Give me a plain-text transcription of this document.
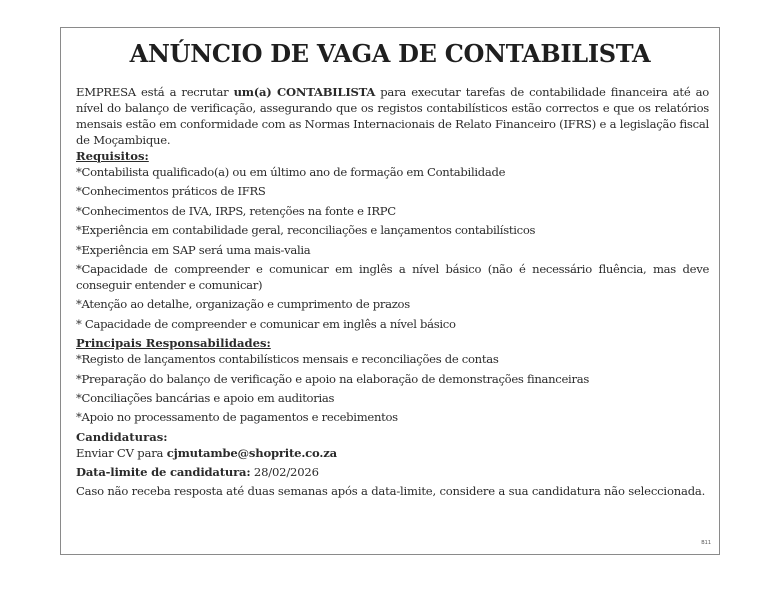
ANÚNCIO DE VAGA DE CONTABILISTA

EMPRESA está a recrutar um(a) CONTABILISTA para executar tarefas de contabilidade financeira até ao nível do balanço de verificação, assegurando que os registos contabilísticos estão correctos e que os relatórios mensais estão em conformidade com as Normas Internacionais de Relato Financeiro (IFRS) e a legislação fiscal de Moçambique.

Requisitos:

*Contabilista qualificado(a) ou em último ano de formação em Contabilidade
*Conhecimentos práticos de IFRS
*Conhecimentos de IVA, IRPS, retenções na fonte e IRPC
*Experiência em contabilidade geral, reconciliações e lançamentos contabilísticos
*Experiência em SAP será uma mais-valia
*Capacidade de compreender e comunicar em inglês a nível básico (não é necessário fluência, mas deve conseguir entender e comunicar)
*Atenção ao detalhe, organização e cumprimento de prazos
* Capacidade de compreender e comunicar em inglês a nível básico

Principais Responsabilidades:

*Registo de lançamentos contabilísticos mensais e reconciliações de contas
*Preparação do balanço de verificação e apoio na elaboração de demonstrações financeiras
*Conciliações bancárias e apoio em auditorias
*Apoio no processamento de pagamentos e recebimentos

Candidaturas:

Enviar CV para cjmutambe@shoprite.co.za

Data-limite de candidatura: 28/02/2026

Caso não receba resposta até duas semanas após a data-limite, considere a sua candidatura não seleccionada.

B11
